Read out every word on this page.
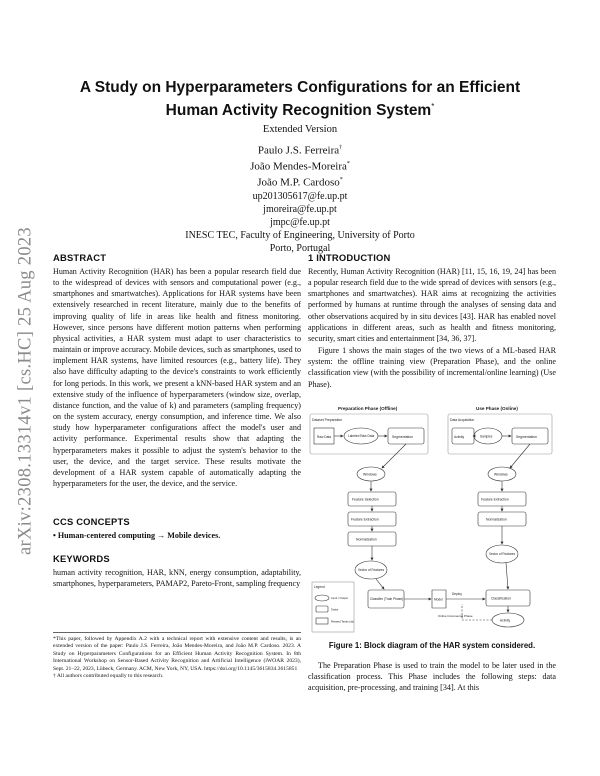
arXiv:2308.13314v1 [cs.HC] 25 Aug 2023
A Study on Hyperparameters Configurations for an Efficient
Human Activity Recognition System*
Extended Version
Paulo J.S. Ferreira†
João Mendes-Moreira*
João M.P. Cardoso*
up201305617@fe.up.pt
jmoreira@fe.up.pt
jmpc@fe.up.pt
INESC TEC, Faculty of Engineering, University of Porto
Porto, Portugal
ABSTRACT

Human Activity Recognition (HAR) has been a popular research field due to the widespread of devices with sensors and computational power (e.g., smartphones and smartwatches). Applications for HAR systems have been extensively researched in recent literature, mainly due to the benefits of improving quality of life in areas like health and fitness monitoring. However, since persons have different motion patterns when performing physical activities, a HAR system must adapt to user characteristics to maintain or improve accuracy. Mobile devices, such as smartphones, used to implement HAR systems, have limited resources (e.g., battery life). They also have difficulty adapting to the device's constraints to work efficiently for long periods. In this work, we present a kNN-based HAR system and an extensive study of the influence of hyperparameters (window size, overlap, distance function, and the value of k) and parameters (sampling frequency) on the system accuracy, energy consumption, and inference time. We also study how hyperparameter configurations affect the model's user and activity performance. Experimental results show that adapting the hyperparameters makes it possible to adjust the system's behavior to the user, the device, and the target service. These results motivate the development of a HAR system capable of automatically adapting the hyperparameters for the user, the device, and the service.

CCS CONCEPTS

• Human-centered computing → Mobile devices.

KEYWORDS

human activity recognition, HAR, kNN, energy consumption, adaptability, smartphones, hyperparameters, PAMAP2, Pareto-Front, sampling frequency

*This paper, followed by Appendix A.2 with a technical report with extensive content and results, is an extended version of the paper: Paulo J.S. Ferreira, João Mendes-Moreira, and João M.P. Cardoso. 2023. A Study on Hyperparameters Configurations for an Efficient Human Activity Recognition System. In 8th International Workshop on Sensor-Based Activity Recognition and Artificial Intelligence (iWOAR 2023), Sept. 21–22, 2023, Lübeck, Germany. ACM, New York, NY, USA. https://doi.org/10.1145/3615834.3615851

† All authors contributed equally to this research.

1 INTRODUCTION

Recently, Human Activity Recognition (HAR) [11, 15, 16, 19, 24] has been a popular research field due to the wide spread of devices with sensors (e.g., smartphones and smartwatches). HAR aims at recognizing the activities performed by humans at runtime through the analyses of sensing data and other observations acquired by in situ devices [43]. HAR has enabled novel applications in different areas, such as health and fitness monitoring, security, smart cities and entertainment [34, 36, 37].

Figure 1 shows the main stages of the two views of a ML-based HAR system: the offline training view (Preparation Phase), and the online classification view (with the possibility of incremental/online learning) (Use Phase).

Preparation Phase (Offline)	Use Phase (Online)
Dataset Preparation	Data Acquisition
Raw Data	Labeled Raw Data	Segmentation
Windows
Feature Selection
Feature Extraction
Normalization
Vector of Features
Classifier (Train Phase)	Model
Deploy
Activity	Samples	Segmentation
Windows
Feature Extraction
Normalization
Vector of Features
Classification
Activity
Online Incremental Phase
Legend
Input / Output
Tasks
Related Tasks (ds)
Figure 1: Block diagram of the HAR system considered.

The Preparation Phase is used to train the model to be later used in the classification process. This Phase includes the following steps: data acquisition, pre-processing, and training [34]. At this
